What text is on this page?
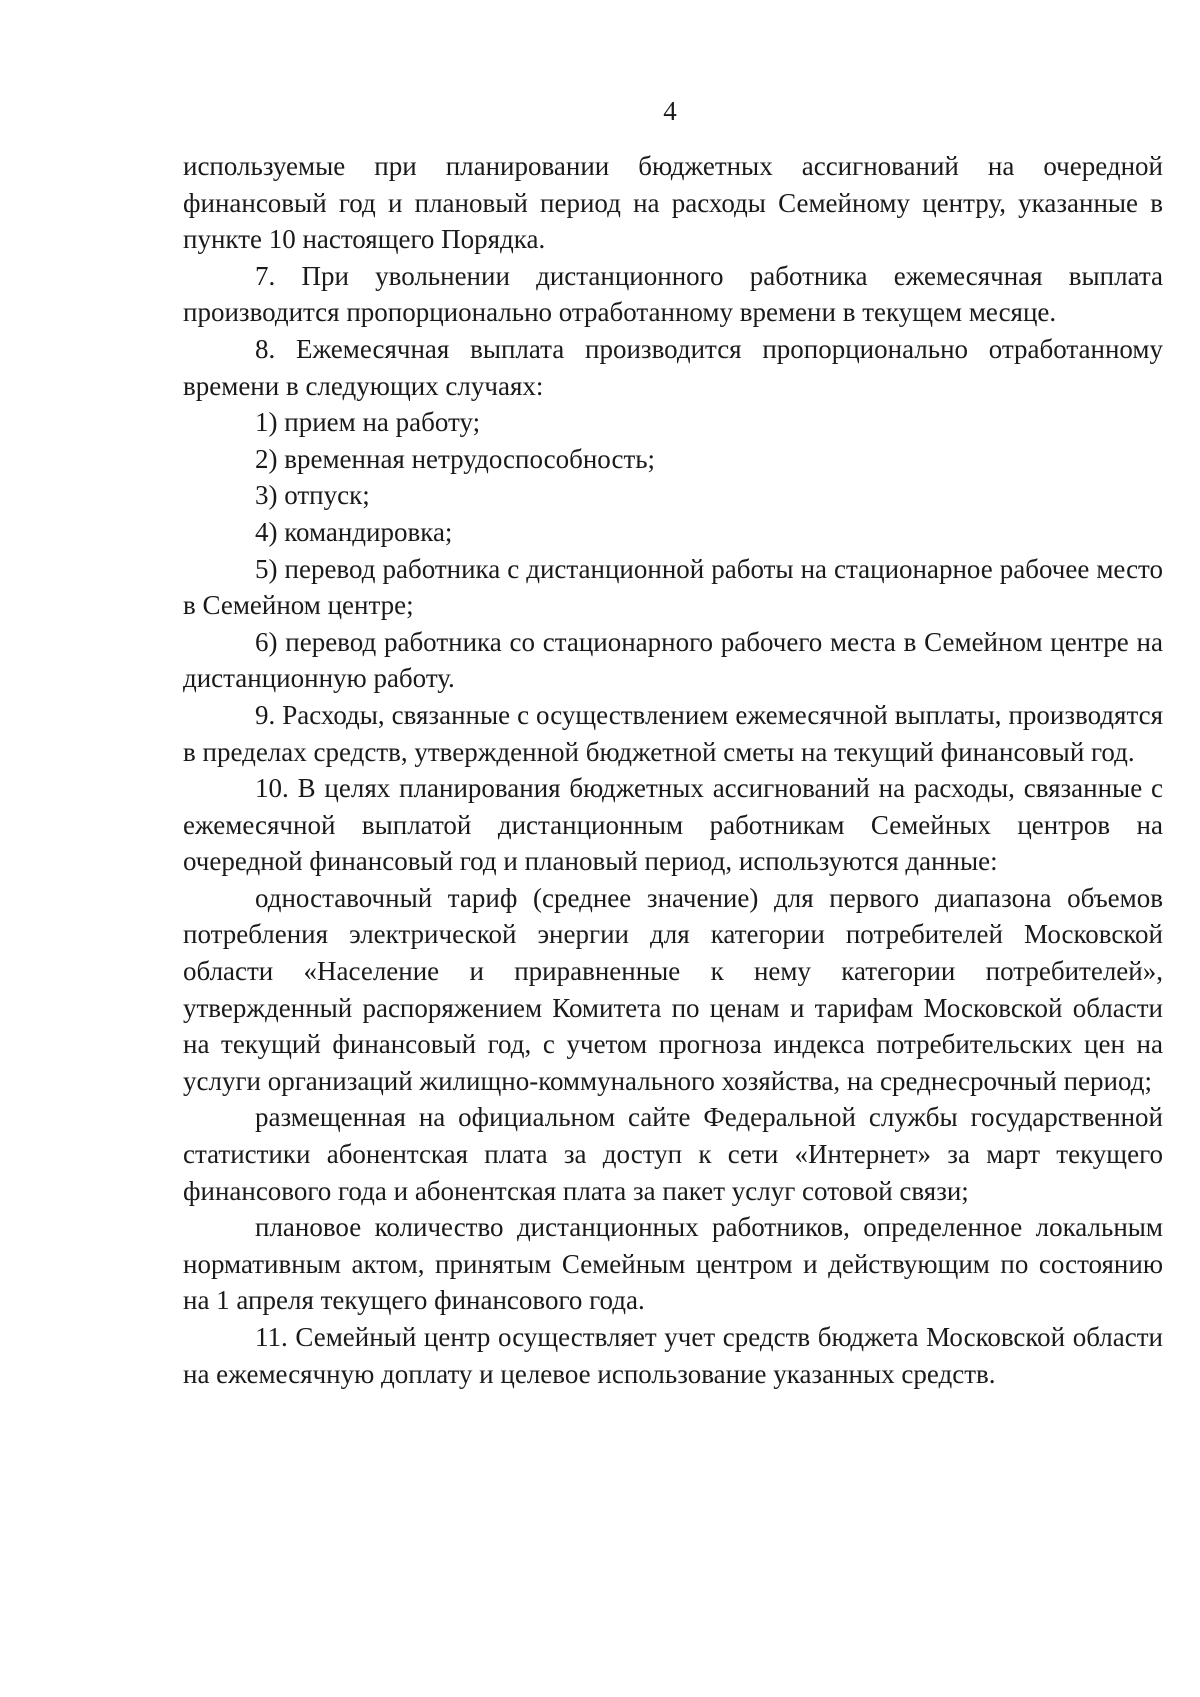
4

используемые при планировании бюджетных ассигнований на очередной финансовый год и плановый период на расходы Семейному центру, указанные в пункте 10 настоящего Порядка.

7. При увольнении дистанционного работника ежемесячная выплата производится пропорционально отработанному времени в текущем месяце.

8. Ежемесячная выплата производится пропорционально отработанному времени в следующих случаях:

1) прием на работу;

2) временная нетрудоспособность;

3) отпуск;

4) командировка;

5) перевод работника с дистанционной работы на стационарное рабочее место в Семейном центре;

6) перевод работника со стационарного рабочего места в Семейном центре на дистанционную работу.

9. Расходы, связанные с осуществлением ежемесячной выплаты, производятся в пределах средств, утвержденной бюджетной сметы на текущий финансовый год.

10. В целях планирования бюджетных ассигнований на расходы, связанные с ежемесячной выплатой дистанционным работникам Семейных центров на очередной финансовый год и плановый период, используются данные:

одноставочный тариф (среднее значение) для первого диапазона объемов потребления электрической энергии для категории потребителей Московской области «Население и приравненные к нему категории потребителей», утвержденный распоряжением Комитета по ценам и тарифам Московской области на текущий финансовый год, с учетом прогноза индекса потребительских цен на услуги организаций жилищно-коммунального хозяйства, на среднесрочный период;

размещенная на официальном сайте Федеральной службы государственной статистики абонентская плата за доступ к сети «Интернет» за март текущего финансового года и абонентская плата за пакет услуг сотовой связи;

плановое количество дистанционных работников, определенное локальным нормативным актом, принятым Семейным центром и действующим по состоянию на 1 апреля текущего финансового года.

11. Семейный центр осуществляет учет средств бюджета Московской области на ежемесячную доплату и целевое использование указанных средств.
